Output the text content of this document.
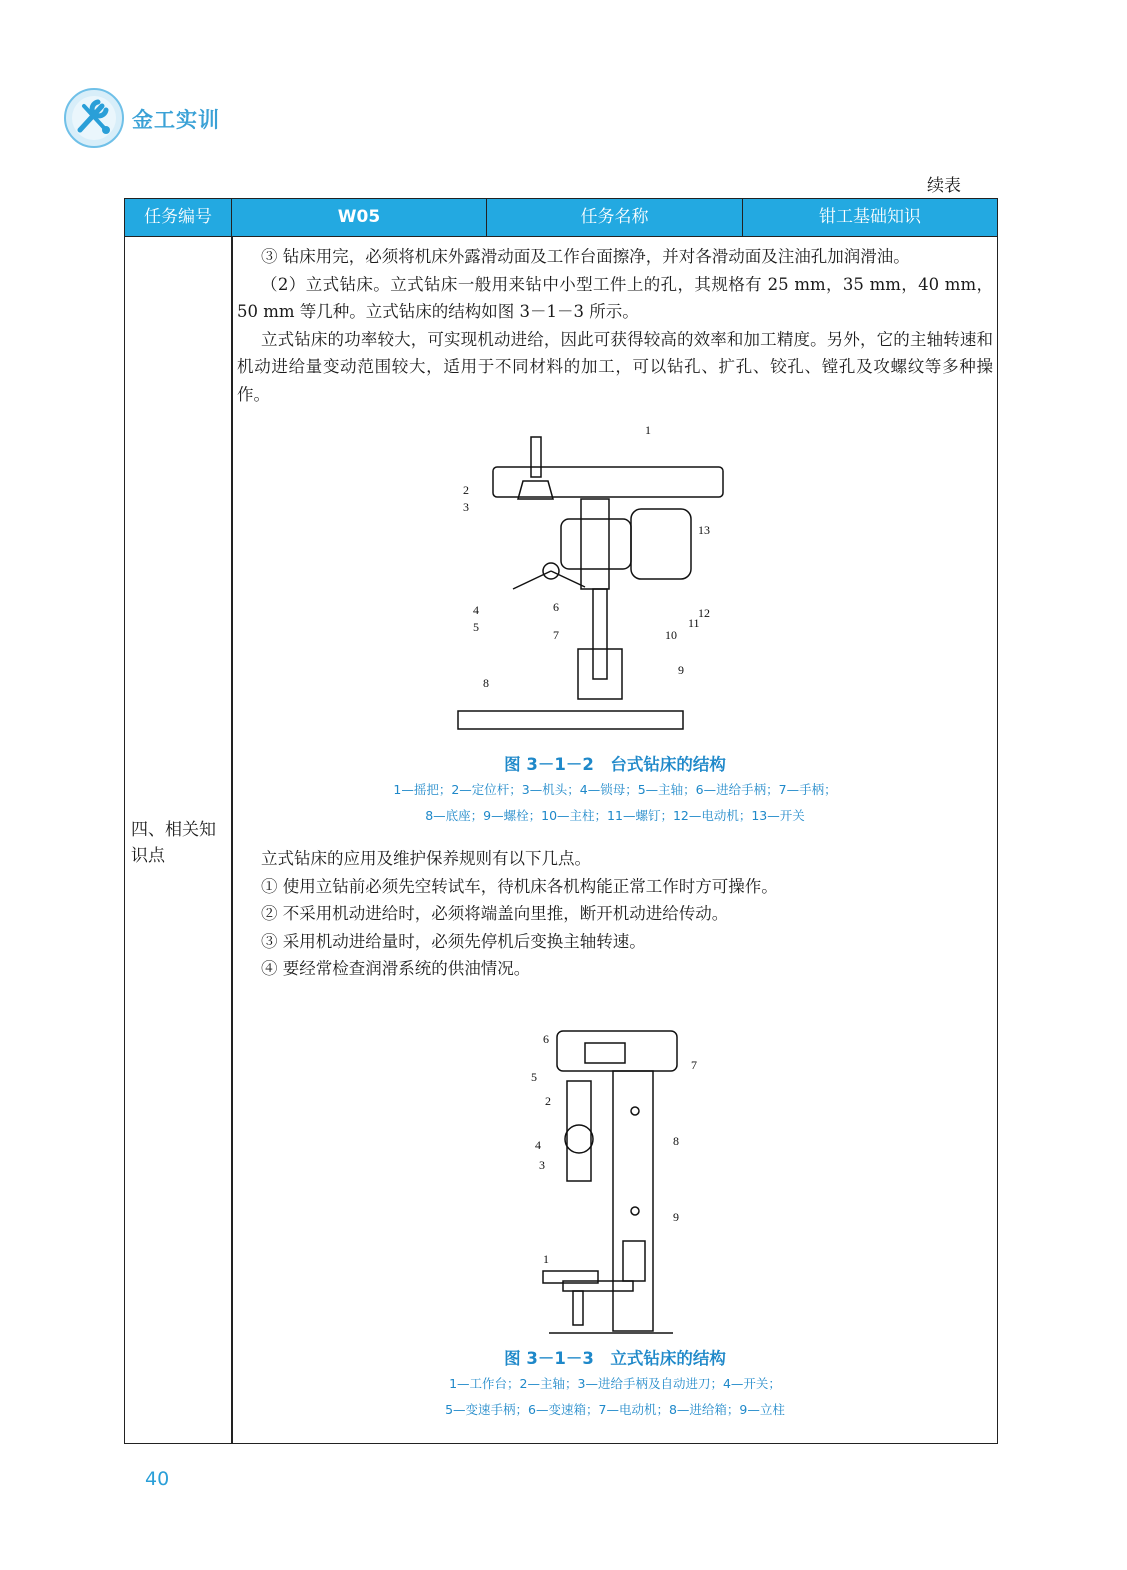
金工实训
续表
任务编号	W05	任务名称	钳工基础知识
四、相关知识点

③ 钻床用完，必须将机床外露滑动面及工作台面擦净，并对各滑动面及注油孔加润滑油。

（2）立式钻床。立式钻床一般用来钻中小型工件上的孔，其规格有 25 mm，35 mm，40 mm，50 mm 等几种。立式钻床的结构如图 3－1－3 所示。

立式钻床的功率较大，可实现机动进给，因此可获得较高的效率和加工精度。另外，它的主轴转速和机动进给量变动范围较大，适用于不同材料的加工，可以钻孔、扩孔、铰孔、镗孔及攻螺纹等多种操作。

1
2
3
4
5
6
7
8
9
10
11
12
13
图 3－1－2　台式钻床的结构
1—摇把；2—定位杆；3—机头；4—锁母；5—主轴；6—进给手柄；7—手柄；
8—底座；9—螺栓；10—主柱；11—螺钉；12—电动机；13—开关

立式钻床的应用及维护保养规则有以下几点。

① 使用立钻前必须先空转试车，待机床各机构能正常工作时方可操作。

② 不采用机动进给时，必须将端盖向里推，断开机动进给传动。

③ 采用机动进给量时，必须先停机后变换主轴转速。

④ 要经常检查润滑系统的供油情况。

1
2
3
4
5
6
7
8
9
图 3－1－3　立式钻床的结构
1—工作台；2—主轴；3—进给手柄及自动进刀；4—开关；
5—变速手柄；6—变速箱；7—电动机；8—进给箱；9—立柱
40
